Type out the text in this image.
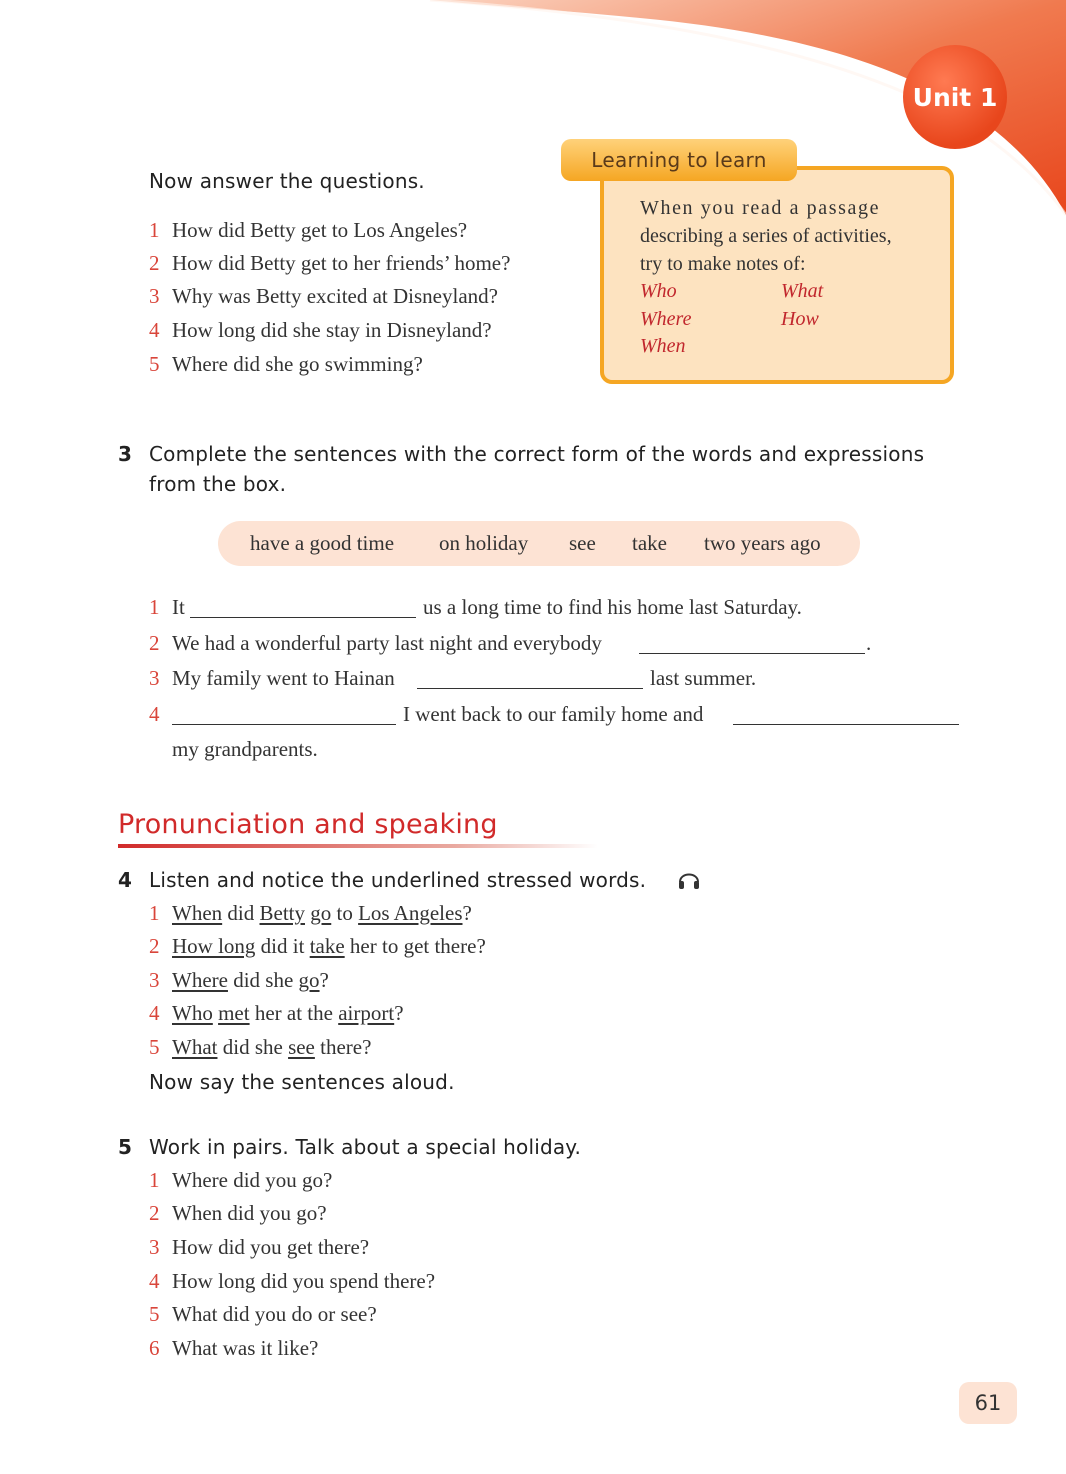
Unit 1
Now answer the questions.
1 How did Betty get to Los Angeles?
2 How did Betty get to her friends’ home?
3 Why was Betty excited at Disneyland?
4 How long did she stay in Disneyland?
5 Where did she go swimming?
Learning to learn
When you read a passage
describing a series of activities,
try to make notes of:
Who	What
Where	How
When
3 Complete the sentences with the correct form of the words and expressions
from the box.
have a good time on holiday see take two years ago
1 It	us a long time to find his home last Saturday.
2 We had a wonderful party last night and everybody	.
3 My family went to Hainan	last summer.
4	I went back to our family home and
my grandparents.
Pronunciation and speaking
4 Listen and notice the underlined stressed words.
1 When did Betty go to Los Angeles?
2 How long did it take her to get there?
3 Where did she go?
4 Who met her at the airport?
5 What did she see there?
Now say the sentences aloud.
5 Work in pairs. Talk about a special holiday.
1 Where did you go?
2 When did you go?
3 How did you get there?
4 How long did you spend there?
5 What did you do or see?
6 What was it like?
61
